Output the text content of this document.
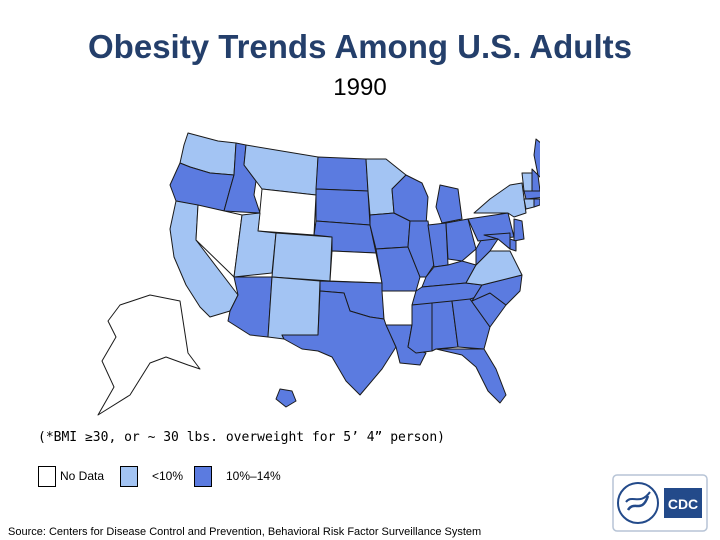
Obesity Trends Among U.S. Adults
1990
(*BMI ≥30, or ~ 30 lbs. overweight for 5’ 4” person)
No Data	<10%	10%–14%
CDC
Source: Centers for Disease Control and Prevention, Behavioral Risk Factor Surveillance System
